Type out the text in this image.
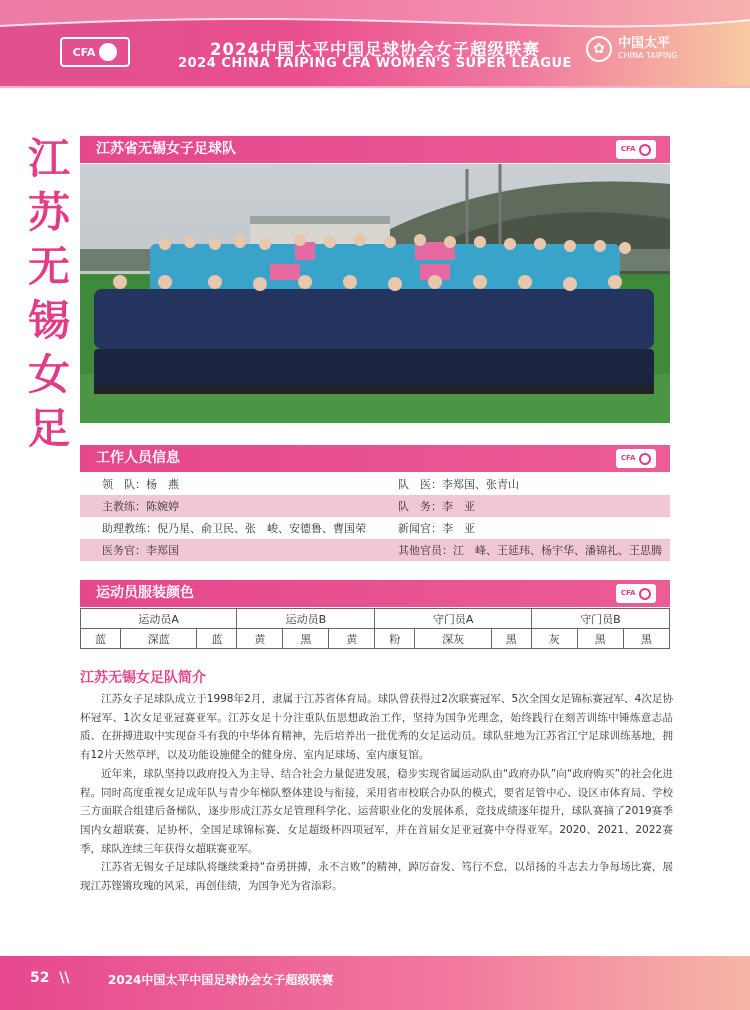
CFA	2024中国太平中国足球协会女子超级联赛
2024 CHINA TAIPING CFA WOMEN'S SUPER LEAGUE
✿	中国太平
CHINA TAIPING
江
苏
无
锡
女
足
江苏省无锡女子足球队	CFA
工作人员信息	CFA
领　队：杨　燕	队　医：李郑国、张青山
主教练：陈婉婷	队　务：李　亚
助理教练：倪乃星、俞卫民、张　峻、安德鲁、曹国荣	新闻官：李　亚
医务官：李郑国	其他官员：江　峰、王延玮、杨宇华、潘锦礼、王思腾
运动员服装颜色	CFA
运动员A			运动员B			守门员A			守门员B		
蓝	深蓝	蓝	黄	黑	黄	粉	深灰	黑	灰	黑	黑
江苏无锡女足队简介

江苏女子足球队成立于1998年2月，隶属于江苏省体育局。球队曾获得过2次联赛冠军、5次全国女足锦标赛冠军、4次足协杯冠军、1次女足亚冠赛亚军。江苏女足十分注重队伍思想政治工作，坚持为国争光理念，始终践行在刻苦训练中锤炼意志品质、在拼搏进取中实现奋斗有我的中华体育精神，先后培养出一批优秀的女足运动员。球队驻地为江苏省江宁足球训练基地，拥有12片天然草坪，以及功能设施健全的健身房、室内足球场、室内康复馆。

近年来，球队坚持以政府投入为主导、结合社会力量促进发展，稳步实现省属运动队由“政府办队”向“政府购买”的社会化进程。同时高度重视女足成年队与青少年梯队整体建设与衔接，采用省市校联合办队的模式，要省足管中心、设区市体育局、学校三方面联合组建后备梯队，逐步形成江苏女足管理科学化、运营职业化的发展体系，竞技成绩逐年提升，球队赛摘了2019赛季国内女超联赛、足协杯、全国足球锦标赛、女足超级杯四项冠军，并在首届女足亚冠赛中夺得亚军。2020、2021、2022赛季，球队连续三年获得女超联赛亚军。

江苏省无锡女子足球队将继续秉持“奋勇拼搏，永不言败”的精神，踔厉奋发、笃行不怠，以昂扬的斗志去力争每场比赛，展现江苏铿锵玫瑰的风采，再创佳绩，为国争光为省添彩。

52 \\	2024中国太平中国足球协会女子超级联赛
